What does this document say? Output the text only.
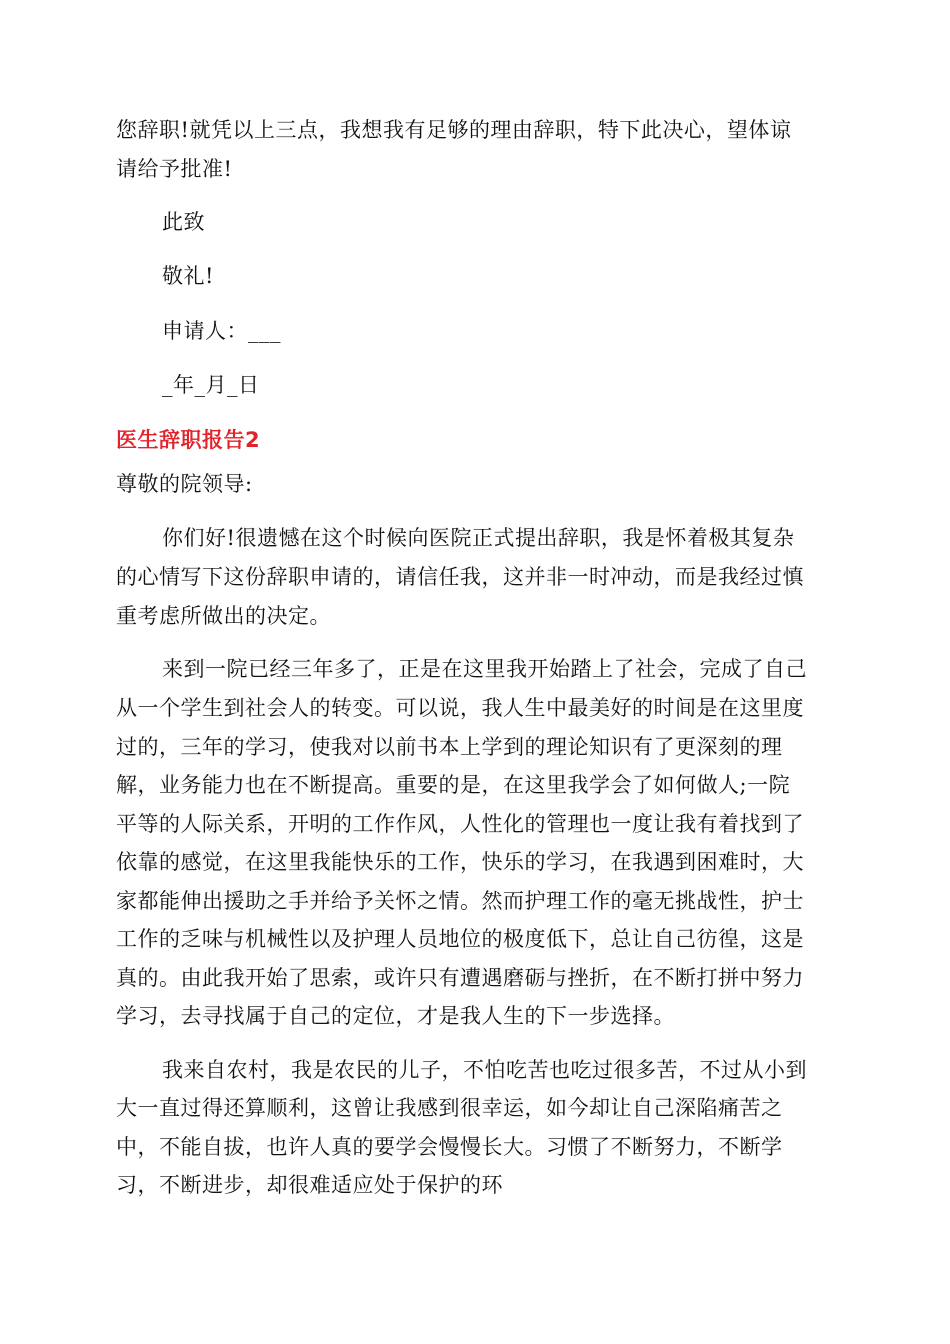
您辞职!就凭以上三点，我想我有足够的理由辞职，特下此决心，望体谅
请给予批准!
此致
敬礼!
申请人：___
_年_月_日
医生辞职报告2
尊敬的院领导:
你们好!很遗憾在这个时候向医院正式提出辞职，我是怀着极其复杂
的心情写下这份辞职申请的，请信任我，这并非一时冲动，而是我经过慎
重考虑所做出的决定。
来到一院已经三年多了，正是在这里我开始踏上了社会，完成了自己
从一个学生到社会人的转变。可以说，我人生中最美好的时间是在这里度
过的，三年的学习，使我对以前书本上学到的理论知识有了更深刻的理
解，业务能力也在不断提高。重要的是，在这里我学会了如何做人;一院
平等的人际关系，开明的工作作风，人性化的管理也一度让我有着找到了
依靠的感觉，在这里我能快乐的工作，快乐的学习，在我遇到困难时，大
家都能伸出援助之手并给予关怀之情。然而护理工作的毫无挑战性，护士
工作的乏味与机械性以及护理人员地位的极度低下，总让自己彷徨，这是
真的。由此我开始了思索，或许只有遭遇磨砺与挫折，在不断打拼中努力
学习，去寻找属于自己的定位，才是我人生的下一步选择。
我来自农村，我是农民的儿子，不怕吃苦也吃过很多苦，不过从小到
大一直过得还算顺利，这曾让我感到很幸运，如今却让自己深陷痛苦之
中，不能自拔，也许人真的要学会慢慢长大。习惯了不断努力，不断学
习，不断进步，却很难适应处于保护的环
